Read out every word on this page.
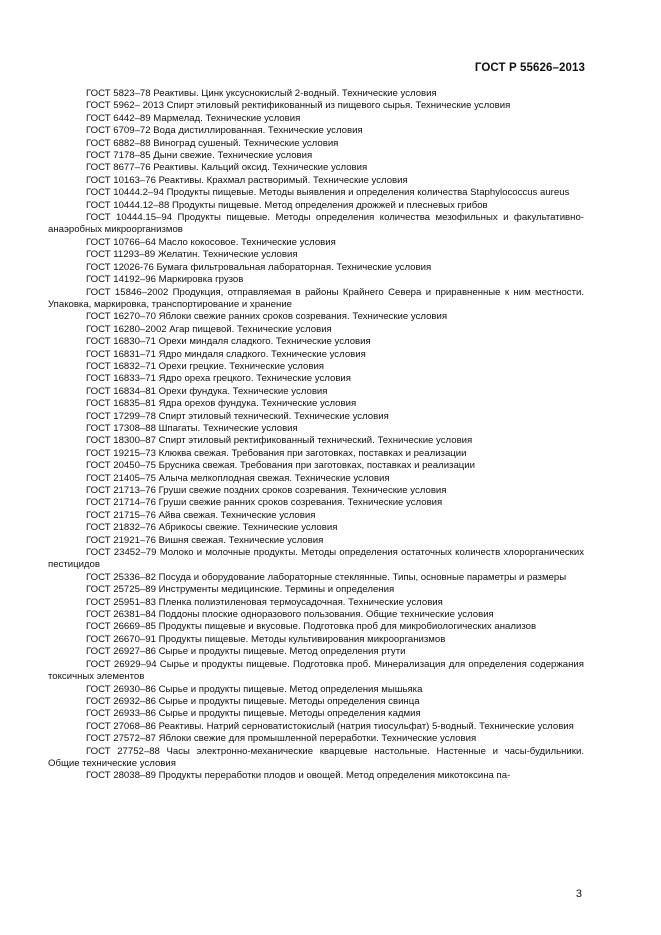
ГОСТ Р 55626–2013

ГОСТ 5823–78 Реактивы. Цинк уксуснокислый 2-водный. Технические условия

ГОСТ 5962– 2013 Спирт этиловый ректификованный из пищевого сырья. Технические условия

ГОСТ 6442–89 Мармелад. Технические условия

ГОСТ 6709–72 Вода дистиллированная. Технические условия

ГОСТ 6882–88 Виноград сушеный. Технические условия

ГОСТ 7178–85 Дыни свежие. Технические условия

ГОСТ 8677–76 Реактивы. Кальций оксид. Технические условия

ГОСТ 10163–76 Реактивы. Крахмал растворимый. Технические условия

ГОСТ 10444.2–94 Продукты пищевые. Методы выявления и определения количества Staphylococcus aureus

ГОСТ 10444.12–88 Продукты пищевые. Метод определения дрожжей и плесневых грибов

ГОСТ 10444.15–94 Продукты пищевые. Методы определения количества мезофильных и факультативно-анаэробных микроорганизмов

ГОСТ 10766–64 Масло кокосовое. Технические условия

ГОСТ 11293–89 Желатин. Технические условия

ГОСТ 12026-76 Бумага фильтровальная лабораторная. Технические условия

ГОСТ 14192–96 Маркировка грузов

ГОСТ 15846–2002 Продукция, отправляемая в районы Крайнего Севера и приравненные к ним местности. Упаковка, маркировка, транспортирование и хранение

ГОСТ 16270–70 Яблоки свежие ранних сроков созревания. Технические условия

ГОСТ 16280–2002 Агар пищевой. Технические условия

ГОСТ 16830–71 Орехи миндаля сладкого. Технические условия

ГОСТ 16831–71 Ядро миндаля сладкого. Технические условия

ГОСТ 16832–71 Орехи грецкие. Технические условия

ГОСТ 16833–71 Ядро ореха грецкого. Технические условия

ГОСТ 16834–81 Орехи фундука. Технические условия

ГОСТ 16835–81 Ядра орехов фундука. Технические условия

ГОСТ 17299–78 Спирт этиловый технический. Технические условия

ГОСТ 17308–88 Шпагаты. Технические условия

ГОСТ 18300–87 Спирт этиловый ректификованный технический. Технические условия

ГОСТ 19215–73 Клюква свежая. Требования при заготовках, поставках и реализации

ГОСТ 20450–75 Брусника свежая. Требования при заготовках, поставках и реализации

ГОСТ 21405–75 Алыча мелкоплодная свежая. Технические условия

ГОСТ 21713–76 Груши свежие поздних сроков созревания. Технические условия

ГОСТ 21714–76 Груши свежие ранних сроков созревания. Технические условия

ГОСТ 21715–76 Айва свежая. Технические условия

ГОСТ 21832–76 Абрикосы свежие. Технические условия

ГОСТ 21921–76 Вишня свежая. Технические условия

ГОСТ 23452–79 Молоко и молочные продукты. Методы определения остаточных количеств хлорорганических пестицидов

ГОСТ 25336–82 Посуда и оборудование лабораторные стеклянные. Типы, основные параметры и размеры

ГОСТ 25725–89 Инструменты медицинские. Термины и определения

ГОСТ 25951–83 Пленка полиэтиленовая термоусадочная. Технические условия

ГОСТ 26381–84 Поддоны плоские одноразового пользования. Общие технические условия

ГОСТ 26669–85 Продукты пищевые и вкусовые. Подготовка проб для микробиологических анализов

ГОСТ 26670–91 Продукты пищевые. Методы культивирования микроорганизмов

ГОСТ 26927–86 Сырье и продукты пищевые. Метод определения ртути

ГОСТ 26929–94 Сырье и продукты пищевые. Подготовка проб. Минерализация для определения содержания токсичных элементов

ГОСТ 26930–86 Сырье и продукты пищевые. Метод определения мышьяка

ГОСТ 26932–86 Сырье и продукты пищевые. Методы определения свинца

ГОСТ 26933–86 Сырье и продукты пищевые. Методы определения кадмия

ГОСТ 27068–86 Реактивы. Натрий серноватистокислый (натрия тиосульфат) 5-водный. Технические условия

ГОСТ 27572–87 Яблоки свежие для промышленной переработки. Технические условия

ГОСТ 27752–88 Часы электронно-механические кварцевые настольные. Настенные и часы-будильники. Общие технические условия

ГОСТ 28038–89 Продукты переработки плодов и овощей. Метод определения микотоксина па-

3
